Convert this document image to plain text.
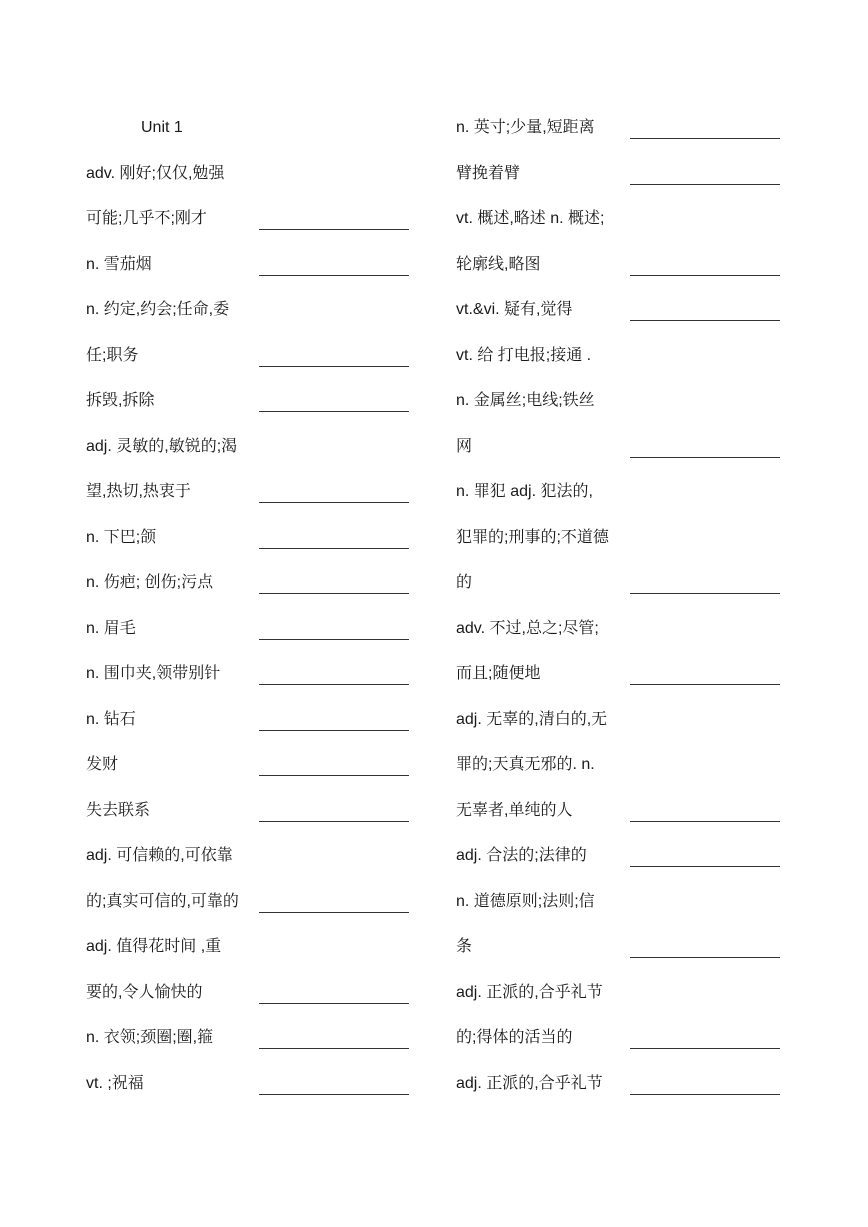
Unit 1
adv. 刚好;仅仅,勉强
可能;几乎不;刚才
n. 雪茄烟
n. 约定,约会;任命,委
任;职务
拆毁,拆除
adj. 灵敏的,敏锐的;渴
望,热切,热衷于
n. 下巴;颌
n. 伤疤; 创伤;污点
n. 眉毛
n. 围巾夹,领带别针
n. 钻石
发财
失去联系
adj. 可信赖的,可依靠
的;真实可信的,可靠的
adj. 值得花时间 ,重
要的,令人愉快的
n. 衣领;颈圈;圈,箍
vt. ;祝福
n. 英寸;少量,短距离
臂挽着臂
vt. 概述,略述 n. 概述;
轮廓线,略图
vt.&vi. 疑有,觉得
vt. 给 打电报;接通 .
n. 金属丝;电线;铁丝
网
n. 罪犯 adj. 犯法的,
犯罪的;刑事的;不道德
的
adv. 不过,总之;尽管;
而且;随便地
adj. 无辜的,清白的,无
罪的;天真无邪的. n.
无辜者,单纯的人
adj. 合法的;法律的
n. 道德原则;法则;信
条
adj. 正派的,合乎礼节
的;得体的活当的
adj. 正派的,合乎礼节
